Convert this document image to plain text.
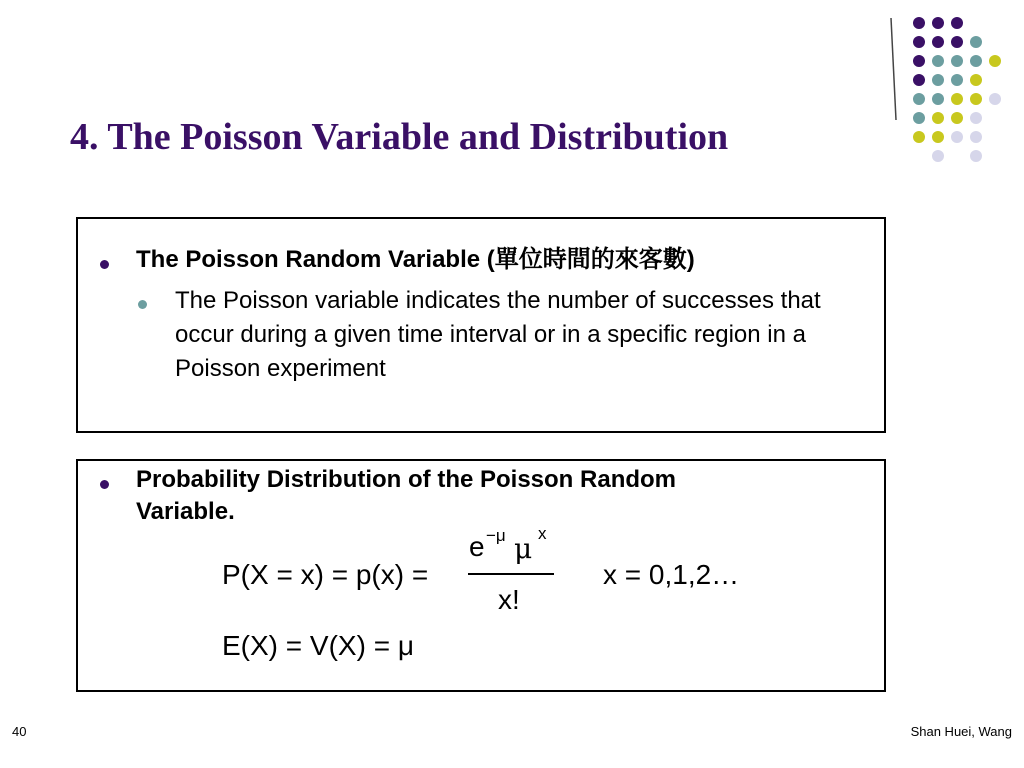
4. The Poisson Variable and Distribution

The Poisson Random Variable (單位時間的來客數)

The Poisson variable indicates the number of successes that occur during a given time interval or in a specific region in a Poisson experiment

Probability Distribution of the Poisson Random

Variable.

P(X = x) = p(x) =
e −μ μ x
x!
x = 0,1,2…
E(X) = V(X) = μ
40	Shan Huei, Wang
